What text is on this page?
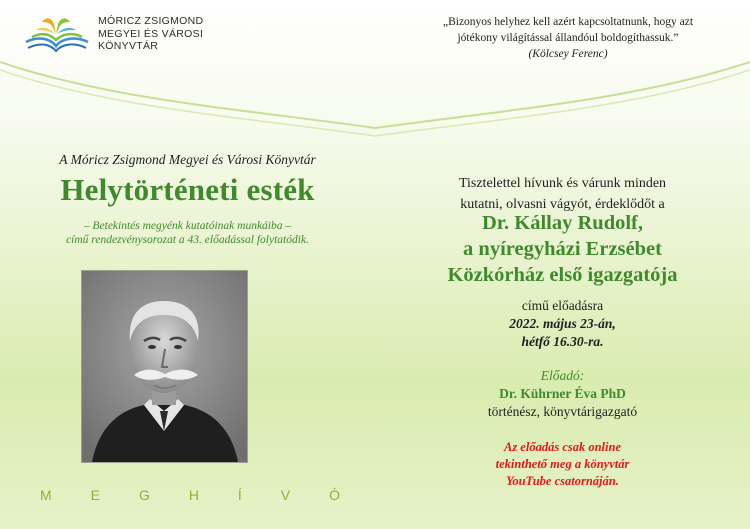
MÓRICZ ZSIGMOND
MEGYEI ÉS VÁROSI
KÖNYVTÁR
A Móricz Zsigmond Megyei és Városi Könyvtár
Helytörténeti esték
– Betekintés megyénk kutatóinak munkáiba –
című rendezvénysorozat a 43. előadással folytatódik.
M	E	G	H	Í	V	Ó
„Bizonyos helyhez kell azért kapcsoltatnunk, hogy azt
jótékony világítással állandóul boldogíthassuk.”
(Kölcsey Ferenc)
Tisztelettel hívunk és várunk minden
kutatni, olvasni vágyót, érdeklődőt a
Dr. Kállay Rudolf,
a nyíregyházi Erzsébet
Közkórház első igazgatója
című előadásra
2022. május 23-án,
hétfő 16.30-ra.
Előadó:
Dr. Kührner Éva PhD
történész, könyvtárigazgató
Az előadás csak online
tekinthető meg a könyvtár
YouTube csatornáján.
